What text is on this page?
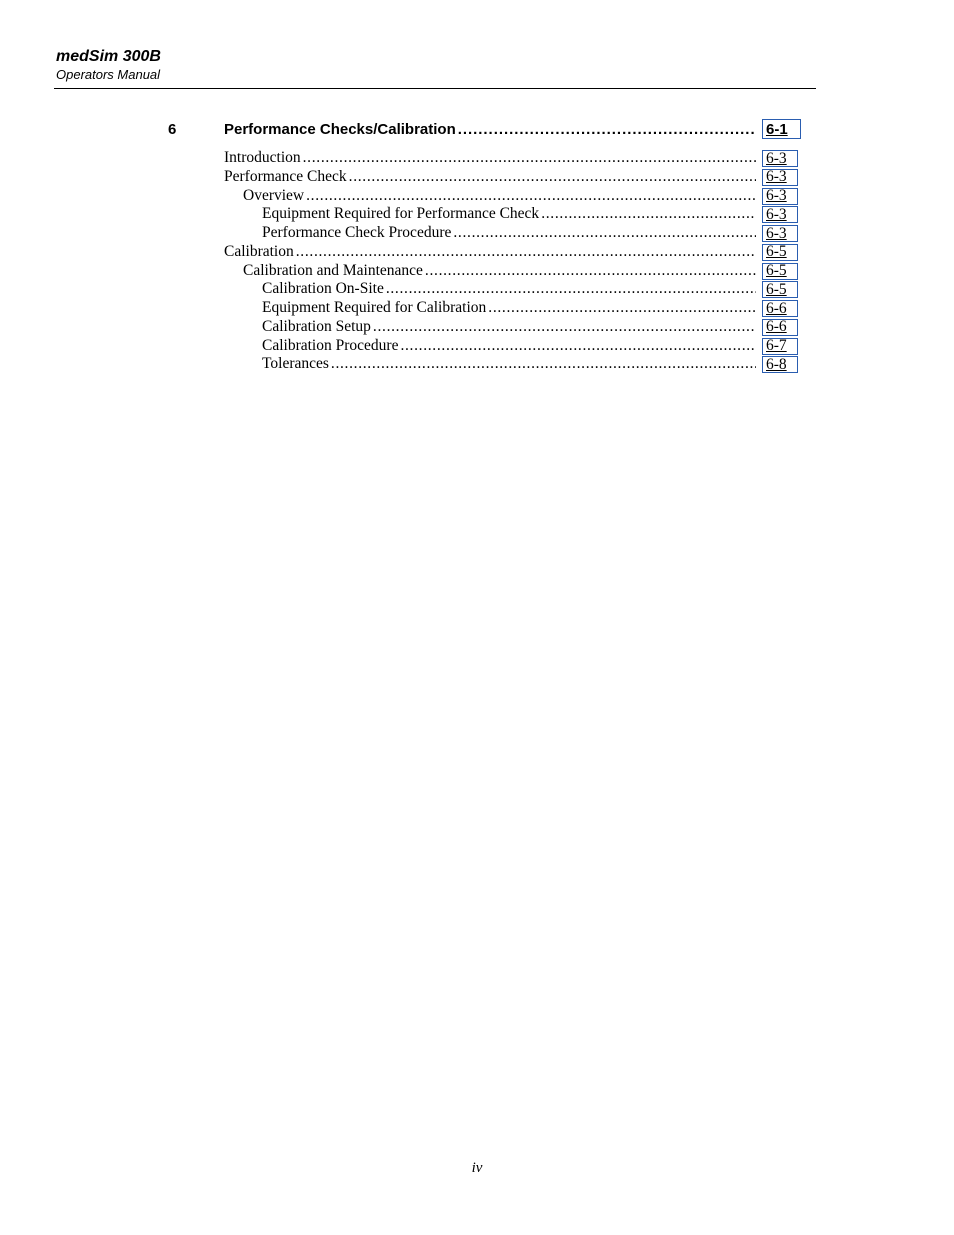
medSim 300B
Operators Manual
6	Performance Checks/Calibration . . .	6-1
Introduction . . .	6-3
Performance Check . . .	6-3
Overview . . .	6-3
Equipment Required for Performance Check . . .	6-3
Performance Check Procedure . . .	6-3
Calibration . . .	6-5
Calibration and Maintenance . . .	6-5
Calibration On-Site . . .	6-5
Equipment Required for Calibration . . .	6-6
Calibration Setup . . .	6-6
Calibration Procedure . . .	6-7
Tolerances . . .	6-8
iv
